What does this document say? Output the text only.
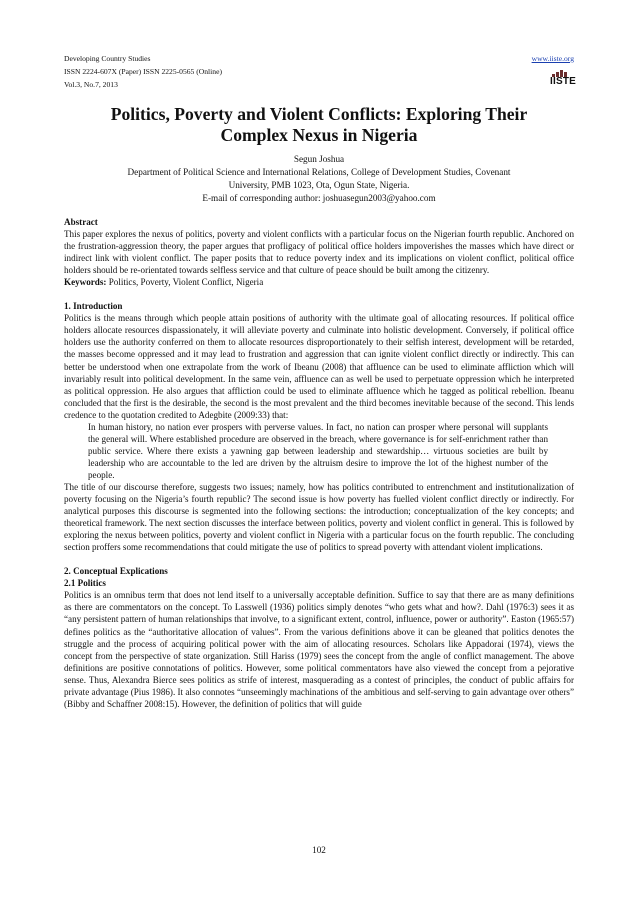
Developing Country Studies
ISSN 2224-607X (Paper) ISSN 2225-0565 (Online)
Vol.3, No.7, 2013
www.iiste.org
IISTE
Politics, Poverty and Violent Conflicts: Exploring Their
Complex Nexus in Nigeria
Segun Joshua
Department of Political Science and International Relations, College of Development Studies, Covenant
University, PMB 1023, Ota, Ogun State, Nigeria.
E-mail of corresponding author: joshuasegun2003@yahoo.com
Abstract

This paper explores the nexus of politics, poverty and violent conflicts with a particular focus on the Nigerian fourth republic. Anchored on the frustration-aggression theory, the paper argues that profligacy of political office holders impoverishes the masses which have direct or indirect link with violent conflict. The paper posits that to reduce poverty index and its implications on violent conflict, political office holders should be re-orientated towards selfless service and that culture of peace should be built among the citizenry.

Keywords: Politics, Poverty, Violent Conflict, Nigeria

1. Introduction

Politics is the means through which people attain positions of authority with the ultimate goal of allocating resources. If political office holders allocate resources dispassionately, it will alleviate poverty and culminate into holistic development. Conversely, if political office holders use the authority conferred on them to allocate resources disproportionately to their selfish interest, development will be retarded, the masses become oppressed and it may lead to frustration and aggression that can ignite violent conflict directly or indirectly. This can better be understood when one extrapolate from the work of Ibeanu (2008) that affluence can be used to eliminate affliction which will invariably result into political development. In the same vein, affluence can as well be used to perpetuate oppression which he interpreted as political oppression. He also argues that affliction could be used to eliminate affluence which he tagged as political rebellion. Ibeanu concluded that the first is the desirable, the second is the most prevalent and the third becomes inevitable because of the second. This lends credence to the quotation credited to Adegbite (2009:33) that:

In human history, no nation ever prospers with perverse values. In fact, no nation can prosper where personal will supplants the general will. Where established procedure are observed in the breach, where governance is for self-enrichment rather than public service. Where there exists a yawning gap between leadership and stewardship… virtuous societies are built by leadership who are accountable to the led are driven by the altruism desire to improve the lot of the highest number of the people.

The title of our discourse therefore, suggests two issues; namely, how has politics contributed to entrenchment and institutionalization of poverty focusing on the Nigeria’s fourth republic? The second issue is how poverty has fuelled violent conflict directly or indirectly. For analytical purposes this discourse is segmented into the following sections: the introduction; conceptualization of the key concepts; and theoretical framework. The next section discusses the interface between politics, poverty and violent conflict in general. This is followed by exploring the nexus between politics, poverty and violent conflict in Nigeria with a particular focus on the fourth republic. The concluding section proffers some recommendations that could mitigate the use of politics to spread poverty with attendant violent implications.

2. Conceptual Explications
2.1 Politics

Politics is an omnibus term that does not lend itself to a universally acceptable definition. Suffice to say that there are as many definitions as there are commentators on the concept. To Lasswell (1936) politics simply denotes “who gets what and how?. Dahl (1976:3) sees it as “any persistent pattern of human relationships that involve, to a significant extent, control, influence, power or authority”. Easton (1965:57) defines politics as the “authoritative allocation of values”. From the various definitions above it can be gleaned that politics denotes the struggle and the process of acquiring political power with the aim of allocating resources. Scholars like Appadorai (1974), views the concept from the perspective of state organization. Still Hariss (1979) sees the concept from the angle of conflict management. The above definitions are positive connotations of politics. However, some political commentators have also viewed the concept from a pejorative sense. Thus, Alexandra Bierce sees politics as strife of interest, masquerading as a contest of principles, the conduct of public affairs for private advantage (Pius 1986). It also connotes “unseemingly machinations of the ambitious and self-serving to gain advantage over others” (Bibby and Schaffner 2008:15). However, the definition of politics that will guide

102
